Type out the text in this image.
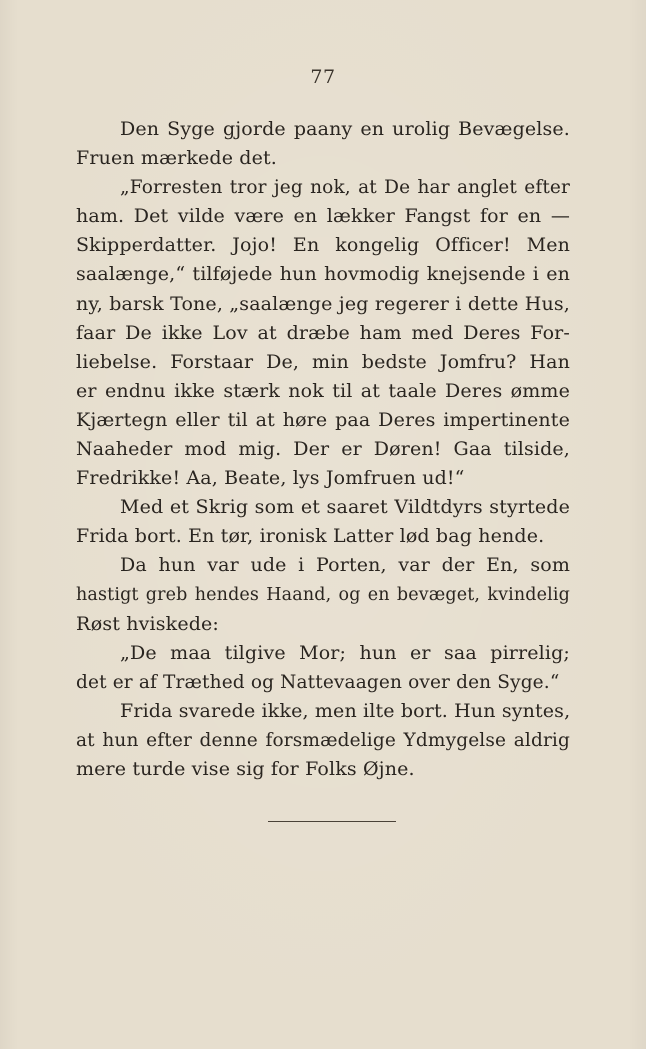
77
Den Syge gjorde paany en urolig Bevægelse.
Fruen mærkede det.
„Forresten tror jeg nok, at De har anglet efter
ham. Det vilde være en lækker Fangst for en —
Skipperdatter. Jojo! En kongelig Officer! Men
saalænge,“ tilføjede hun hovmodig knejsende i en
ny, barsk Tone, „saalænge jeg regerer i dette Hus,
faar De ikke Lov at dræbe ham med Deres For-
liebelse. Forstaar De, min bedste Jomfru? Han
er endnu ikke stærk nok til at taale Deres ømme
Kjærtegn eller til at høre paa Deres impertinente
Naaheder mod mig. Der er Døren! Gaa tilside,
Fredrikke! Aa, Beate, lys Jomfruen ud!“
Med et Skrig som et saaret Vildtdyrs styrtede
Frida bort. En tør, ironisk Latter lød bag hende.
Da hun var ude i Porten, var der En, som
hastigt greb hendes Haand, og en bevæget, kvindelig
Røst hviskede:
„De maa tilgive Mor; hun er saa pirrelig;
det er af Træthed og Nattevaagen over den Syge.“
Frida svarede ikke, men ilte bort. Hun syntes,
at hun efter denne forsmædelige Ydmygelse aldrig
mere turde vise sig for Folks Øjne.
